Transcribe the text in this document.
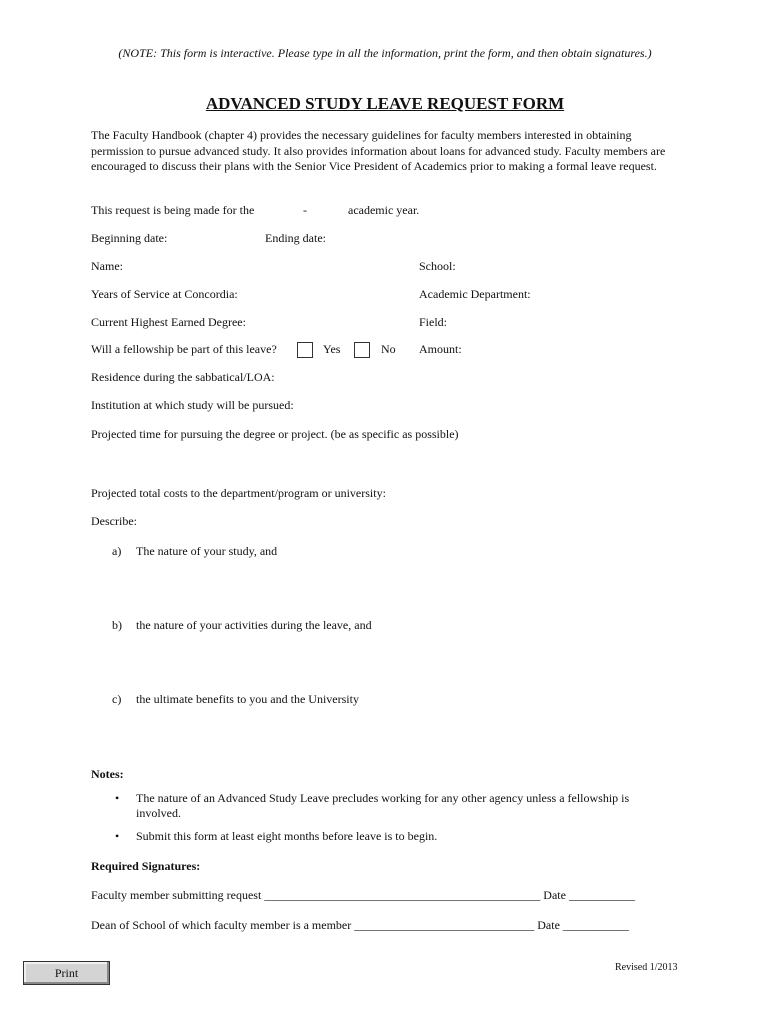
(NOTE: This form is interactive. Please type in all the information, print the form, and then obtain signatures.)
ADVANCED STUDY LEAVE REQUEST FORM
The Faculty Handbook (chapter 4) provides the necessary guidelines for faculty members interested in obtaining permission to pursue advanced study. It also provides information about loans for advanced study. Faculty members are encouraged to discuss their plans with the Senior Vice President of Academics prior to making a formal leave request.
This request is being made for the	-	academic year.
Beginning date:	Ending date:
Name:	School:
Years of Service at Concordia:	Academic Department:
Current Highest Earned Degree:	Field:
Will a fellowship be part of this leave?	Yes	No Amount:
Residence during the sabbatical/LOA:
Institution at which study will be pursued:
Projected time for pursuing the degree or project. (be as specific as possible)
Projected total costs to the department/program or university:
Describe:
a) The nature of your study, and
b) the nature of your activities during the leave, and
c) the ultimate benefits to you and the University
Notes:
• The nature of an Advanced Study Leave precludes working for any other agency unless a fellowship is
involved.
• Submit this form at least eight months before leave is to begin.
Required Signatures:
Faculty member submitting request ______________________________________________ Date ___________
Dean of School of which faculty member is a member ______________________________ Date ___________
Print	Revised 1/2013
